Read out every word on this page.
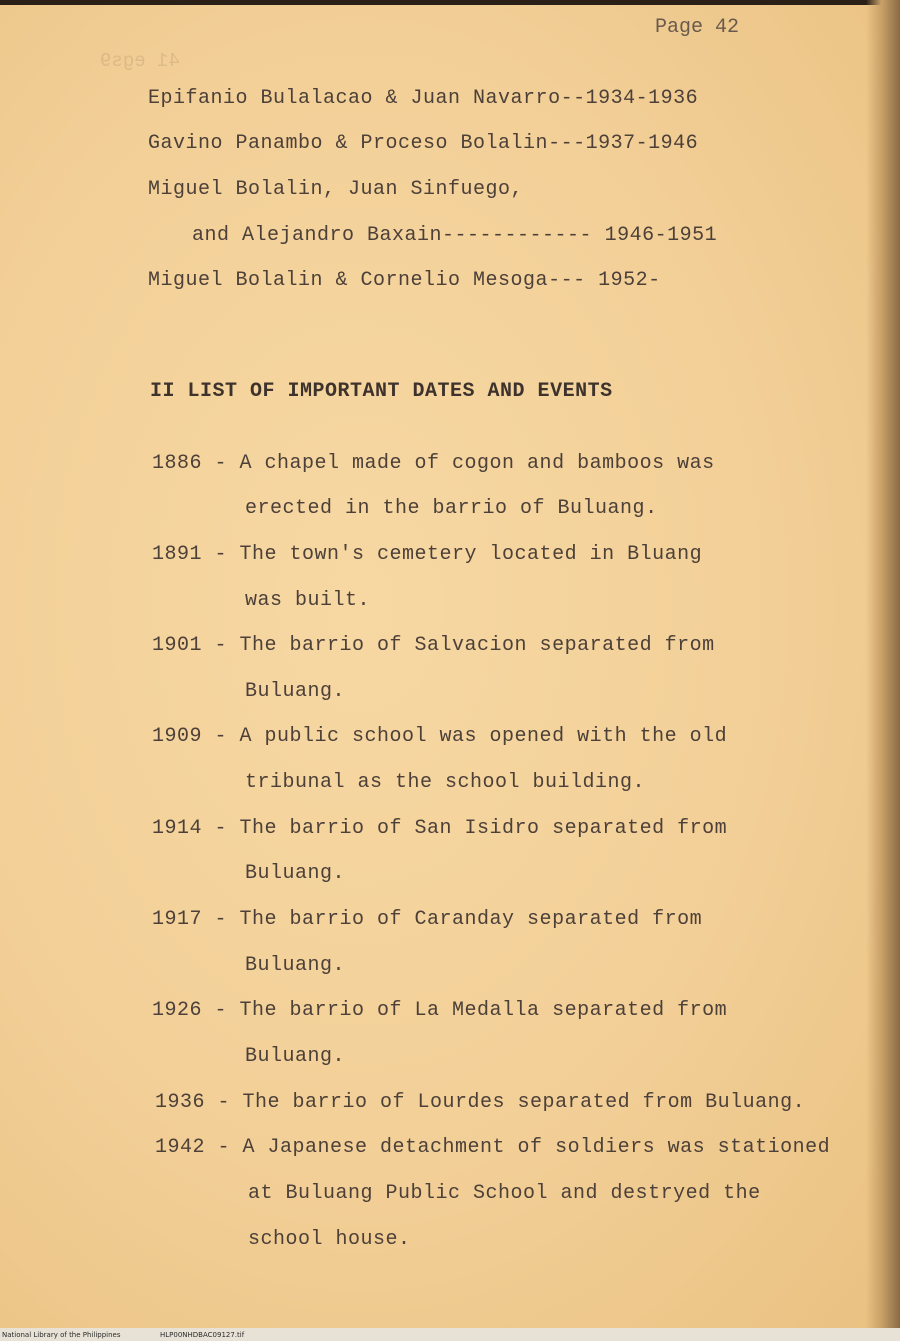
41 egs9
Page 42
Epifanio Bulalacao & Juan Navarro--1934-1936
Gavino Panambo & Proceso Bolalin---1937-1946
Miguel Bolalin, Juan Sinfuego,
and Alejandro Baxain------------ 1946-1951
Miguel Bolalin & Cornelio Mesoga--- 1952-
II LIST OF IMPORTANT DATES AND EVENTS
1886 - A chapel made of cogon and bamboos was
erected in the barrio of Buluang.
1891 - The town's cemetery located in Bluang
was built.
1901 - The barrio of Salvacion separated from
Buluang.
1909 - A public school was opened with the old
tribunal as the school building.
1914 - The barrio of San Isidro separated from
Buluang.
1917 - The barrio of Caranday separated from
Buluang.
1926 - The barrio of La Medalla separated from
Buluang.
1936 - The barrio of Lourdes separated from Buluang.
1942 - A Japanese detachment of soldiers was stationed
at Buluang Public School and destryed the
school house.
National Library of the Philippines	HLP00NHDBAC09127.tif
